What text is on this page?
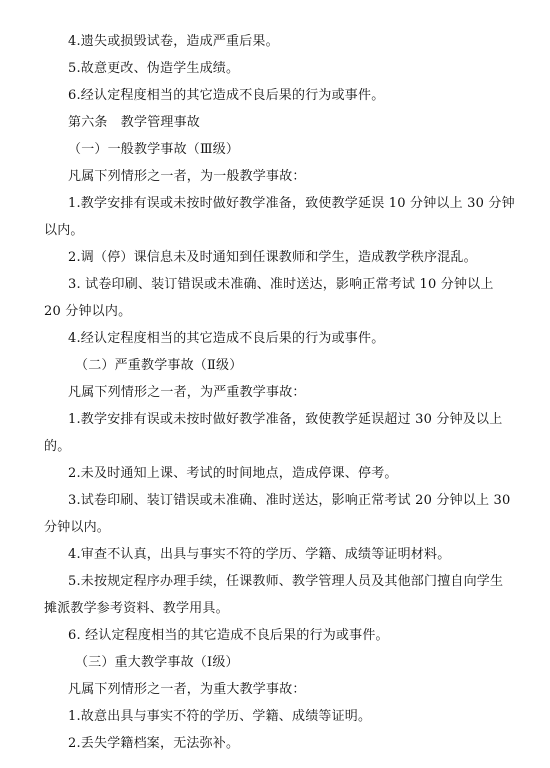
4.遗失或损毁试卷，造成严重后果。
5.故意更改、伪造学生成绩。
6.经认定程度相当的其它造成不良后果的行为或事件。
第六条　教学管理事故
（一）一般教学事故（Ⅲ级）
凡属下列情形之一者，为一般教学事故：
1.教学安排有误或未按时做好教学准备，致使教学延误 10 分钟以上 30 分钟
以内。
2.调（停）课信息未及时通知到任课教师和学生，造成教学秩序混乱。
3. 试卷印刷、装订错误或未准确、准时送达，影响正常考试 10 分钟以上
20 分钟以内。
4.经认定程度相当的其它造成不良后果的行为或事件。
（二）严重教学事故（Ⅱ级）
凡属下列情形之一者，为严重教学事故：
1.教学安排有误或未按时做好教学准备，致使教学延误超过 30 分钟及以上
的。
2.未及时通知上课、考试的时间地点，造成停课、停考。
3.试卷印刷、装订错误或未准确、准时送达，影响正常考试 20 分钟以上 30
分钟以内。
4.审查不认真，出具与事实不符的学历、学籍、成绩等证明材料。
5.未按规定程序办理手续，任课教师、教学管理人员及其他部门擅自向学生
摊派教学参考资料、教学用具。
6. 经认定程度相当的其它造成不良后果的行为或事件。
（三）重大教学事故（Ⅰ级）
凡属下列情形之一者，为重大教学事故：
1.故意出具与事实不符的学历、学籍、成绩等证明。
2.丢失学籍档案，无法弥补。
